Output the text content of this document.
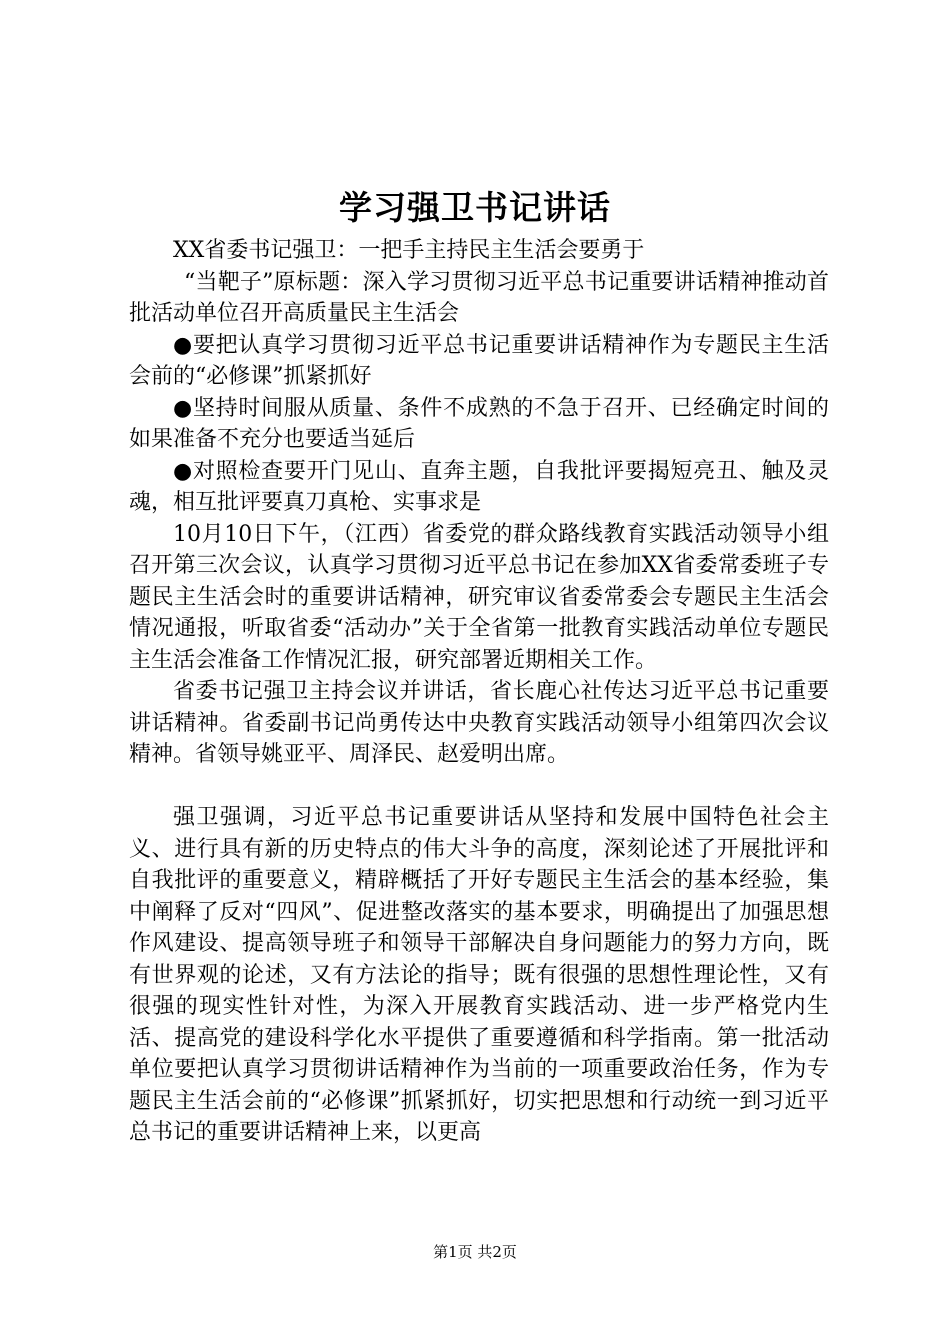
学习强卫书记讲话

XX省委书记强卫：一把手主持民主生活会要勇于

“当靶子”原标题：深入学习贯彻习近平总书记重要讲话精神推动首批活动单位召开高质量民主生活会

●要把认真学习贯彻习近平总书记重要讲话精神作为专题民主生活会前的“必修课”抓紧抓好

●坚持时间服从质量、条件不成熟的不急于召开、已经确定时间的如果准备不充分也要适当延后

●对照检查要开门见山、直奔主题，自我批评要揭短亮丑、触及灵魂，相互批评要真刀真枪、实事求是

10月10日下午，（江西）省委党的群众路线教育实践活动领导小组召开第三次会议，认真学习贯彻习近平总书记在参加XX省委常委班子专题民主生活会时的重要讲话精神，研究审议省委常委会专题民主生活会情况通报，听取省委“活动办”关于全省第一批教育实践活动单位专题民主生活会准备工作情况汇报，研究部署近期相关工作。

省委书记强卫主持会议并讲话，省长鹿心社传达习近平总书记重要讲话精神。省委副书记尚勇传达中央教育实践活动领导小组第四次会议精神。省领导姚亚平、周泽民、赵爱明出席。

强卫强调，习近平总书记重要讲话从坚持和发展中国特色社会主义、进行具有新的历史特点的伟大斗争的高度，深刻论述了开展批评和自我批评的重要意义，精辟概括了开好专题民主生活会的基本经验，集中阐释了反对“四风”、促进整改落实的基本要求，明确提出了加强思想作风建设、提高领导班子和领导干部解决自身问题能力的努力方向，既有世界观的论述，又有方法论的指导；既有很强的思想性理论性，又有很强的现实性针对性，为深入开展教育实践活动、进一步严格党内生活、提高党的建设科学化水平提供了重要遵循和科学指南。第一批活动单位要把认真学习贯彻讲话精神作为当前的一项重要政治任务，作为专题民主生活会前的“必修课”抓紧抓好，切实把思想和行动统一到习近平总书记的重要讲话精神上来，以更高

第1页 共2页
